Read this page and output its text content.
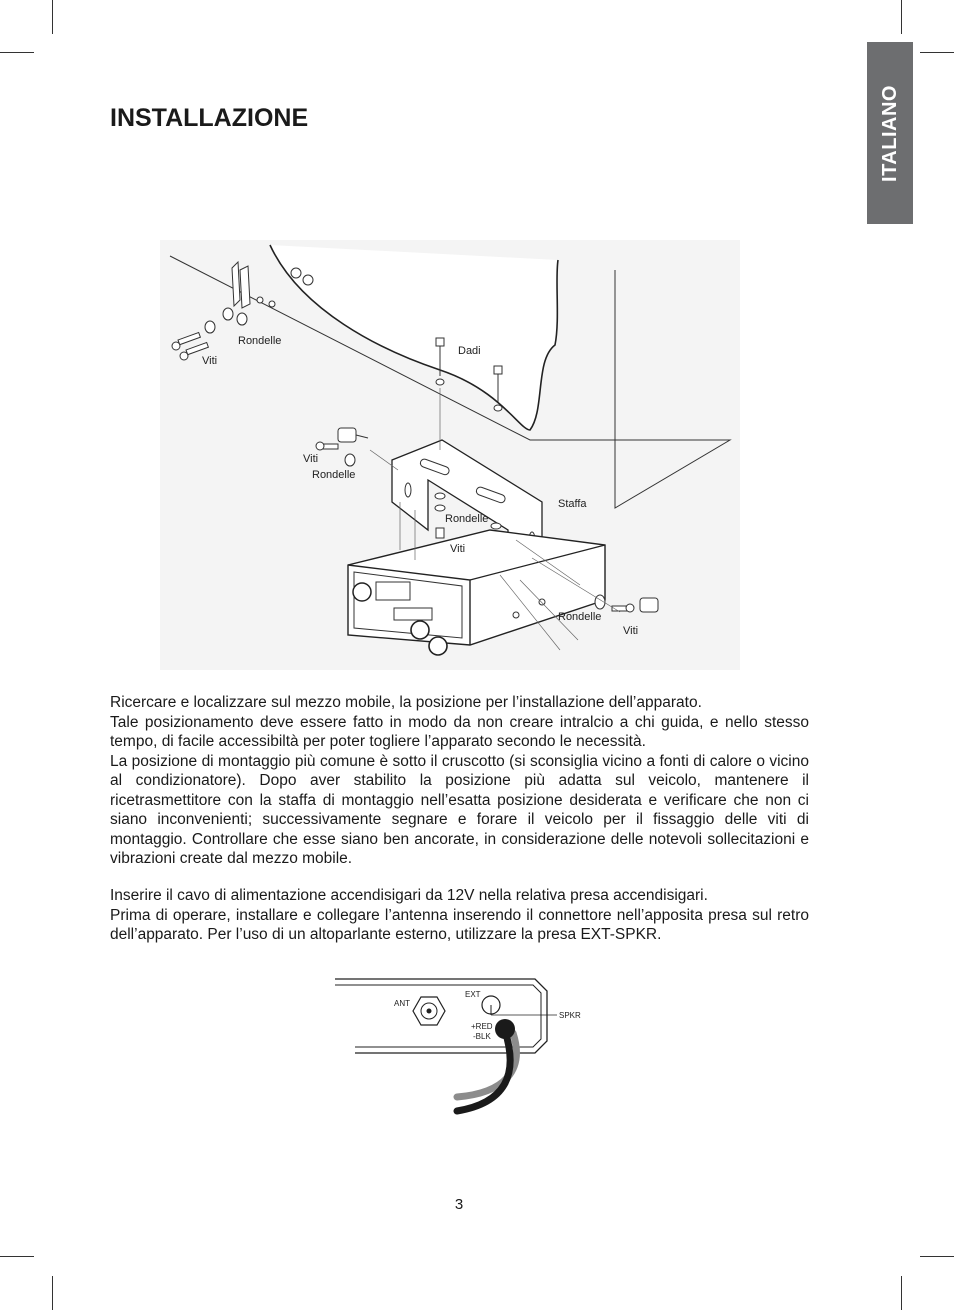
ITALIANO
INSTALLAZIONE
Viti
Rondelle
Dadi
Viti
Rondelle
Staffa
Rondelle
Viti
Rondelle
Viti

Ricercare e localizzare sul mezzo mobile, la posizione per l’installazione dell’apparato.

Tale posizionamento deve essere fatto in modo da non creare intralcio a chi guida, e nello stesso tempo, di facile accessibiltà per poter togliere l’apparato secondo le necessità.

La posizione di montaggio più comune è sotto il cruscotto (si sconsiglia vicino a fonti di calore o vicino al condizionatore). Dopo aver stabilito la posizione più adatta sul veicolo, mantenere il ricetrasmettitore con la staffa di montaggio nell’esatta posizione desiderata e verificare che non ci siano inconvenienti; successivamente segnare e forare il veicolo per il fissaggio delle viti di montaggio. Controllare che esse siano ben ancorate, in considerazione delle notevoli sollecitazioni e vibrazioni create dal mezzo mobile.

Inserire il cavo di alimentazione accendisigari da 12V nella relativa presa accendisigari.

Prima di operare, installare e collegare l’antenna inserendo il connettore nell’apposita presa sul retro dell’apparato. Per l’uso di un altoparlante esterno, utilizzare la presa EXT-SPKR.

ANT
EXT
SPKR
+RED
-BLK
3
